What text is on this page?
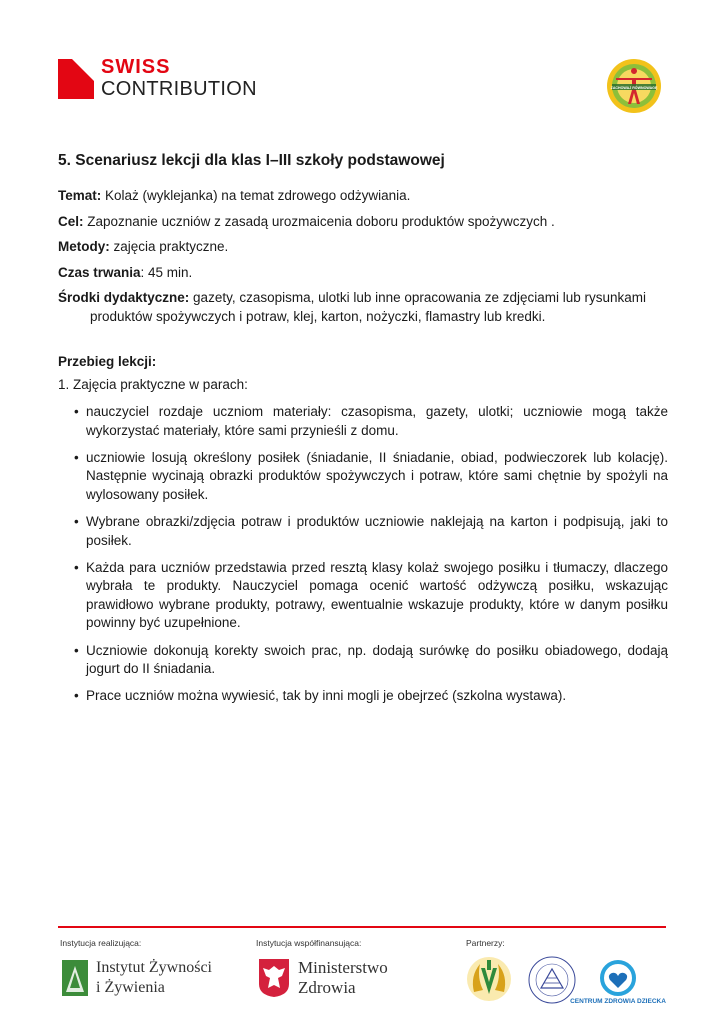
SWISS
CONTRIBUTION	ZACHOWAJ RÓWNOWAGĘ
5. Scenariusz lekcji dla klas I–III szkoły podstawowej
Temat: Kolaż (wyklejanka) na temat zdrowego odżywiania.
Cel: Zapoznanie uczniów z zasadą urozmaicenia doboru produktów spożywczych .
Metody: zajęcia praktyczne.
Czas trwania: 45 min.
Środki dydaktyczne: gazety, czasopisma, ulotki lub inne opracowania ze zdjęciami lub rysunkami produktów spożywczych i potraw, klej, karton, nożyczki, flamastry lub kredki.
Przebieg lekcji:
1. Zajęcia praktyczne w parach:
• nauczyciel rozdaje uczniom materiały: czasopisma, gazety, ulotki; uczniowie mogą także wykorzystać materiały, które sami przynieśli z domu.
• uczniowie losują określony posiłek (śniadanie, II śniadanie, obiad, podwieczorek lub kolację). Następnie wycinają obrazki produktów spożywczych i potraw, które sami chętnie by spożyli na wylosowany posiłek.
• Wybrane obrazki/zdjęcia potraw i produktów uczniowie naklejają na karton i podpisują, jaki to posiłek.
• Każda para uczniów przedstawia przed resztą klasy kolaż swojego posiłku i tłumaczy, dlaczego wybrała te produkty. Nauczyciel pomaga ocenić wartość odżywczą posiłku, wskazując prawidłowo wybrane produkty, potrawy, ewentualnie wskazuje produkty, które w danym posiłku powinny być uzupełnione.
• Uczniowie dokonują korekty swoich prac, np. dodają surówkę do posiłku obiadowego, dodają jogurt do II śniadania.
• Prace uczniów można wywiesić, tak by inni mogli je obejrzeć (szkolna wystawa).
Instytucja realizująca:	Instytucja współfinansująca:	Partnerzy:
Instytut Żywności
i Żywienia
Ministerstwo
Zdrowia
CENTRUM ZDROWIA DZIECKA
